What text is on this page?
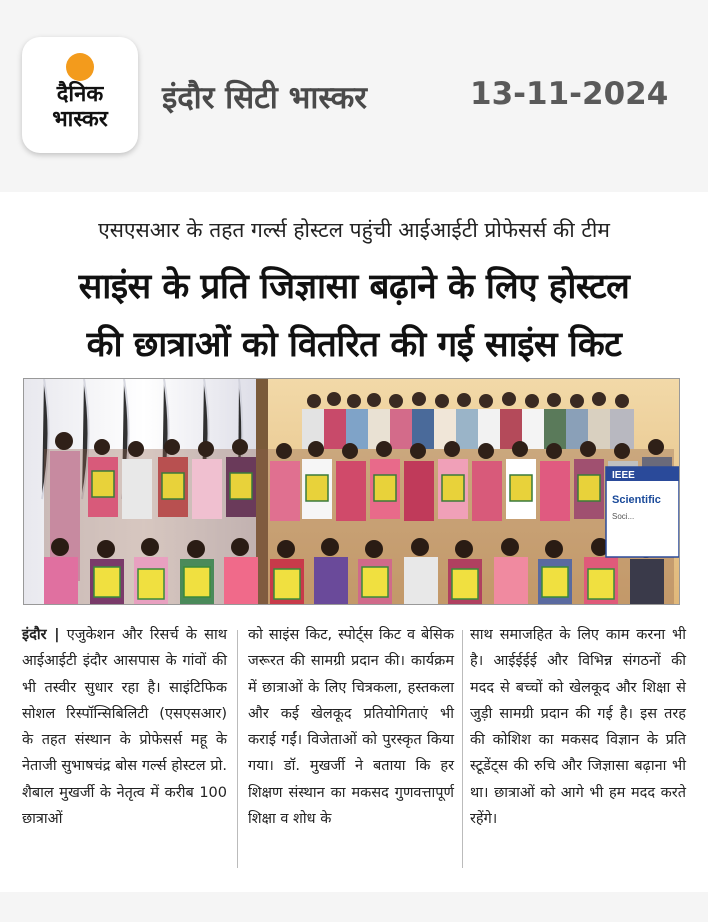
दैनिक
भास्कर
इंदौर सिटी भास्कर	13-11-2024
एसएसआर के तहत गर्ल्स होस्टल पहुंची आईआईटी प्रोफेसर्स की टीम
साइंस के प्रति जिज्ञासा बढ़ाने के लिए होस्टल
की छात्राओं को वितरित की गई साइंस किट
IEEE
Scientific
Soci...
इंदौर | एजुकेशन और रिसर्च के साथ आईआईटी इंदौर आसपास के गांवों की भी तस्वीर सुधार रहा है। साइंटिफिक सोशल रिस्पॉन्सिबिलिटी (एसएसआर) के तहत संस्थान के प्रोफेसर्स महू के नेताजी सुभाषचंद्र बोस गर्ल्स होस्टल प्रो. शैबाल मुखर्जी के नेतृत्व में करीब 100 छात्राओं
को साइंस किट, स्पोर्ट्स किट व बेसिक जरूरत की सामग्री प्रदान की। कार्यक्रम में छात्राओं के लिए चित्रकला, हस्तकला और कई खेलकूद प्रतियोगिताएं भी कराई गईं। विजेताओं को पुरस्कृत किया गया। डॉ. मुखर्जी ने बताया कि हर शिक्षण संस्थान का मकसद गुणवत्तापूर्ण शिक्षा व शोध के
साथ समाजहित के लिए काम करना भी है। आईईईई और विभिन्न संगठनों की मदद से बच्चों को खेलकूद और शिक्षा से जुड़ी सामग्री प्रदान की गई है। इस तरह की कोशिश का मकसद विज्ञान के प्रति स्टूडेंट्स की रुचि और जिज्ञासा बढ़ाना भी था। छात्राओं को आगे भी हम मदद करते रहेंगे।
